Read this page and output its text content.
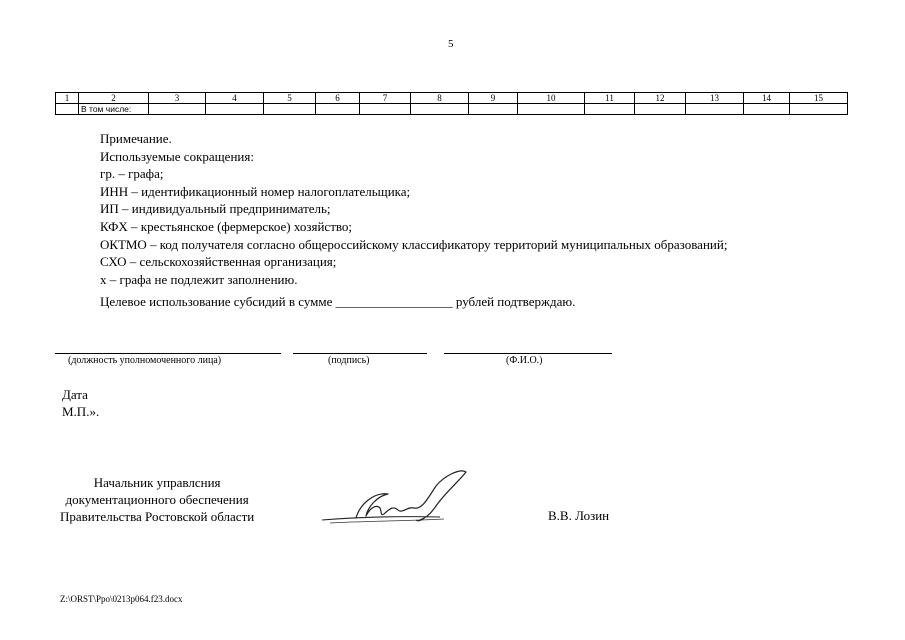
5
1	2	3	4	5	6	7	8	9	10	11	12	13	14	15
	В том числе:													
Примечание.
Используемые сокращения:
гр. – графа;
ИНН – идентификационный номер налогоплательщика;
ИП – индивидуальный предприниматель;
КФХ – крестьянское (фермерское) хозяйство;
ОКТМО – код получателя согласно общероссийскому классификатору территорий муниципальных образований;
СХО – сельскохозяйственная организация;
х – графа не подлежит заполнению.
Целевое использование субсидий в сумме __________________ рублей подтверждаю.
(должность уполномоченного лица)	(подпись)	(Ф.И.О.)
Дата
М.П.».
Начальник управлсния
документационного обеспечения
Правительства Ростовской области	В.В. Лозин
Z:\ORST\Ppo\0213p064.f23.docx
